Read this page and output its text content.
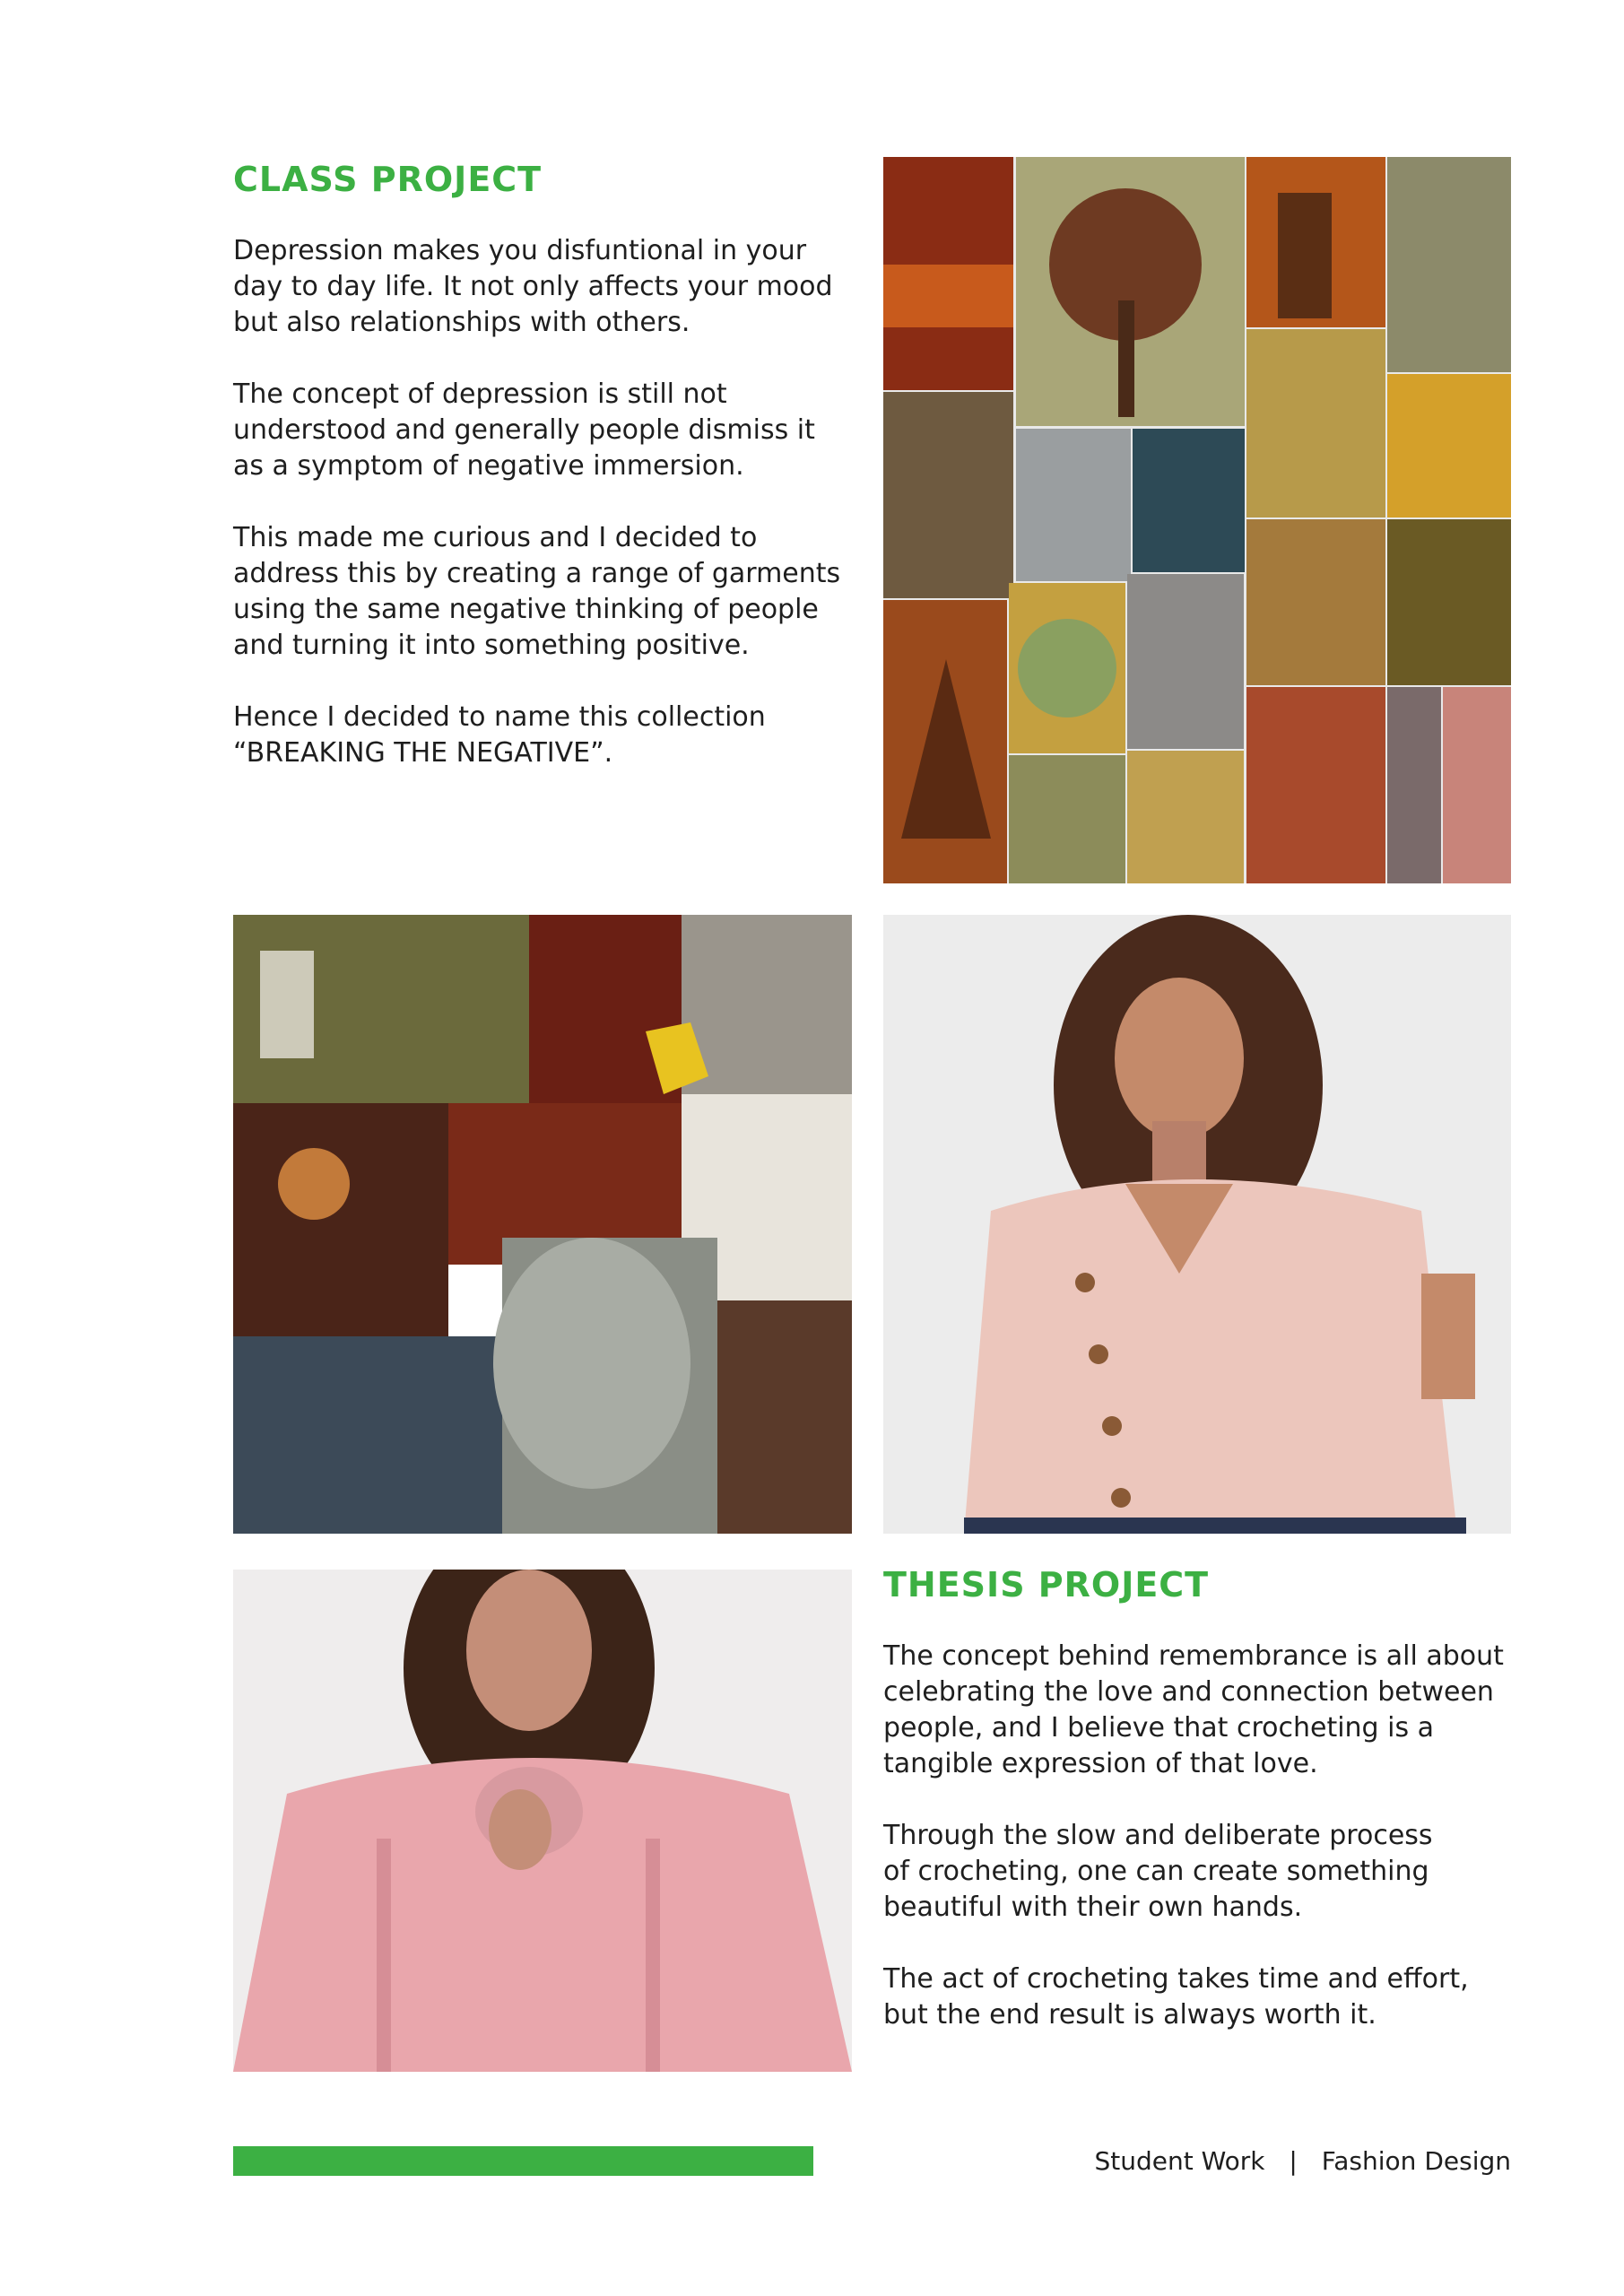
CLASS PROJECT

Depression makes you disfuntional in your
day to day life. It not only affects your mood
but also relationships with others.

The concept of depression is still not
understood and generally people dismiss it
as a symptom of negative immersion.

This made me curious and I decided to
address this by creating a range of garments
using the same negative thinking of people
and turning it into something positive.

Hence I decided to name this collection
“BREAKING THE NEGATIVE”.

THESIS PROJECT

The concept behind remembrance is all about
celebrating the love and connection between
people, and I believe that crocheting is a
tangible expression of that love.

Through the slow and deliberate process
of crocheting, one can create something
beautiful with their own hands.

The act of crocheting takes time and effort,
but the end result is always worth it.

Student Work | Fashion Design
